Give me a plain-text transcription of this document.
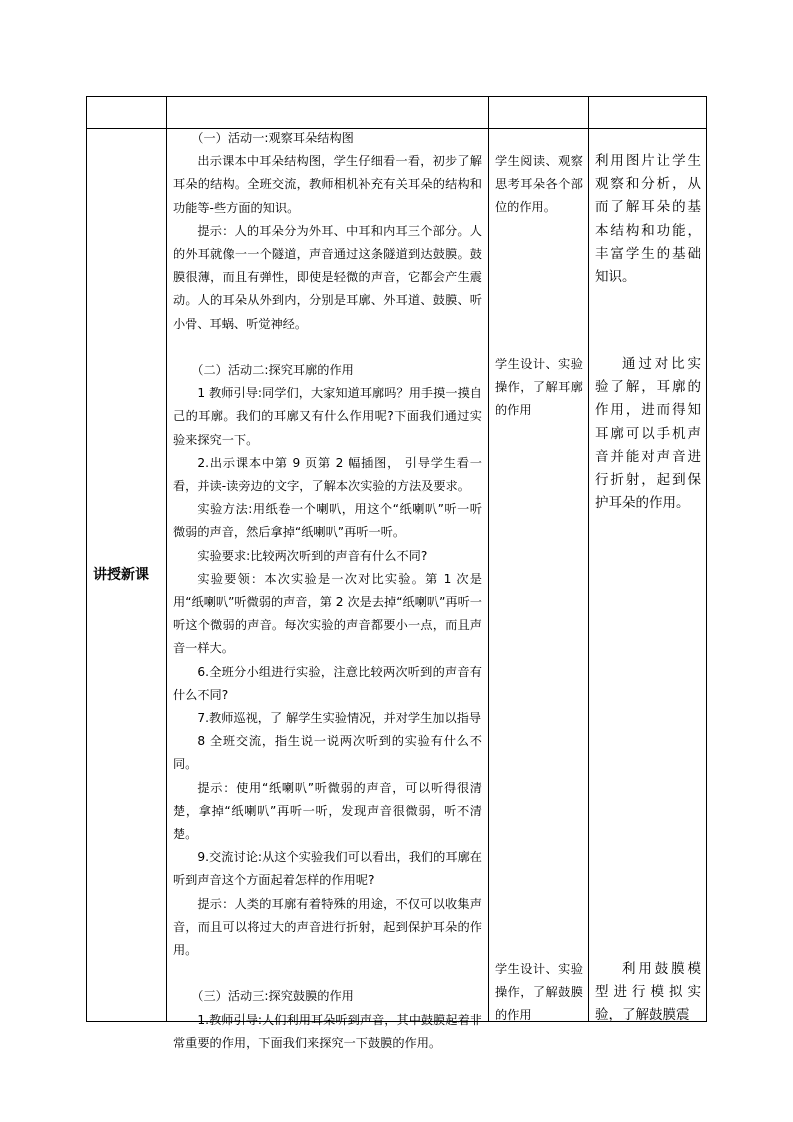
讲授新课

（一）活动一:观察耳朵结构图

出示课本中耳朵结构图，学生仔细看一看，初步了解耳朵的结构。全班交流，教师相机补充有关耳朵的结构和功能等-些方面的知识。

提示：人的耳朵分为外耳、中耳和内耳三个部分。人的外耳就像一一个隧道，声音通过这条隧道到达鼓膜。鼓膜很薄，而且有弹性，即使是轻微的声音，它都会产生震动。人的耳朵从外到内，分别是耳廓、外耳道、鼓膜、听小骨、耳蜗、听觉神经。

（二）活动二:探究耳廓的作用

1 教师引导:同学们，大家知道耳廓吗？用手摸一摸自己的耳廓。我们的耳廓又有什么作用呢?下面我们通过实验来探究一下。

2.出示课本中第 9 页第 2 幅插图， 引导学生看一看，并读-读旁边的文字，了解本次实验的方法及要求。

实验方法:用纸卷一个喇叭，用这个“纸喇叭”听一听微弱的声音，然后拿掉“纸喇叭”再听一听。

实验要求:比较两次听到的声音有什么不同?

实验要领：本次实验是一次对比实验。第 1 次是用“纸喇叭”听微弱的声音，第 2 次是去掉“纸喇叭”再听一听这个微弱的声音。每次实验的声音都要小一点，而且声音一样大。

6.全班分小组进行实验，注意比较两次听到的声音有什么不同?

7.教师巡视，了 解学生实验情况，并对学生加以指导

8 全班交流，指生说一说两次听到的实验有什么不同。

提示：使用“纸喇叭”听微弱的声音，可以听得很清楚，拿掉“纸喇叭”再听一听，发现声音很微弱，听不清楚。

9.交流讨论:从这个实验我们可以看出，我们的耳廓在听到声音这个方面起着怎样的作用呢?

提示：人类的耳廓有着特殊的用途，不仅可以收集声音，而且可以将过大的声音进行折射，起到保护耳朵的作用。

（三）活动三:探究鼓膜的作用

1.教师引导:人们利用耳朵听到声音，其中鼓膜起着非常重要的作用，下面我们来探究一下鼓膜的作用。

学生阅读、观察思考耳朵各个部位的作用。

学生设计、实验操作，了解耳廓的作用

学生设计、实验操作，了解鼓膜的作用

利用图片让学生观察和分析，从而了解耳朵的基本结构和功能，丰富学生的基础知识。

通过对比实验了解，耳廓的作用，进而得知耳廓可以手机声音并能对声音进行折射，起到保护耳朵的作用。

利用鼓膜模型进行模拟实验，了解鼓膜震
